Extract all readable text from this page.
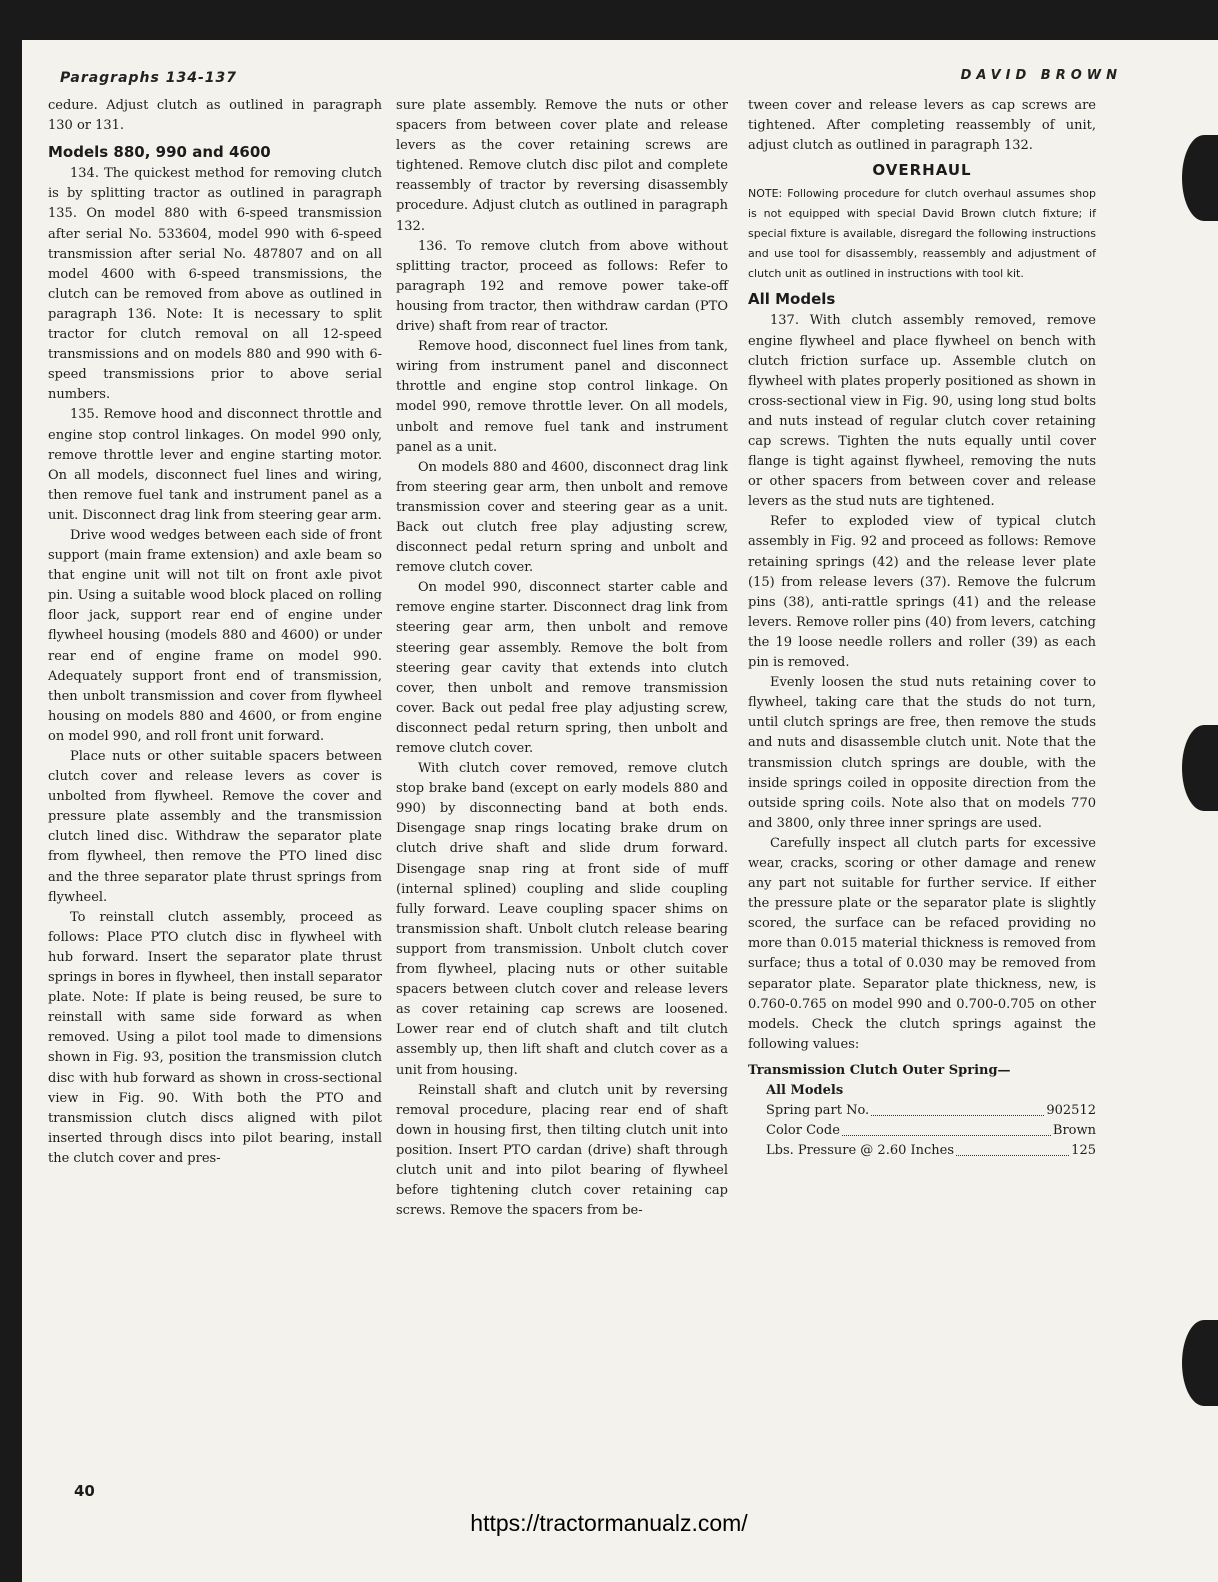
Paragraphs 134-137	DAVID BROWN

cedure. Adjust clutch as outlined in paragraph 130 or 131.

Models 880, 990 and 4600

134. The quickest method for removing clutch is by splitting tractor as outlined in paragraph 135. On model 880 with 6-speed transmission after serial No. 533604, model 990 with 6-speed transmission after serial No. 487807 and on all model 4600 with 6-speed transmissions, the clutch can be removed from above as outlined in paragraph 136. Note: It is necessary to split tractor for clutch removal on all 12-speed transmissions and on models 880 and 990 with 6-speed transmissions prior to above serial numbers.

135. Remove hood and disconnect throttle and engine stop control linkages. On model 990 only, remove throttle lever and engine starting motor. On all models, disconnect fuel lines and wiring, then remove fuel tank and instrument panel as a unit. Disconnect drag link from steering gear arm.

Drive wood wedges between each side of front support (main frame extension) and axle beam so that engine unit will not tilt on front axle pivot pin. Using a suitable wood block placed on rolling floor jack, support rear end of engine under flywheel housing (models 880 and 4600) or under rear end of engine frame on model 990. Adequately support front end of transmission, then unbolt transmission and cover from flywheel housing on models 880 and 4600, or from engine on model 990, and roll front unit forward.

Place nuts or other suitable spacers between clutch cover and release levers as cover is unbolted from flywheel. Remove the cover and pressure plate assembly and the transmission clutch lined disc. Withdraw the separator plate from flywheel, then remove the PTO lined disc and the three separator plate thrust springs from flywheel.

To reinstall clutch assembly, proceed as follows: Place PTO clutch disc in flywheel with hub forward. Insert the separator plate thrust springs in bores in flywheel, then install separator plate. Note: If plate is being reused, be sure to reinstall with same side forward as when removed. Using a pilot tool made to dimensions shown in Fig. 93, position the transmission clutch disc with hub forward as shown in cross-sectional view in Fig. 90. With both the PTO and transmission clutch discs aligned with pilot inserted through discs into pilot bearing, install the clutch cover and pres-

sure plate assembly. Remove the nuts or other spacers from between cover plate and release levers as the cover retaining screws are tightened. Remove clutch disc pilot and complete reassembly of tractor by reversing disassembly procedure. Adjust clutch as outlined in paragraph 132.

136. To remove clutch from above without splitting tractor, proceed as follows: Refer to paragraph 192 and remove power take-off housing from tractor, then withdraw cardan (PTO drive) shaft from rear of tractor.

Remove hood, disconnect fuel lines from tank, wiring from instrument panel and disconnect throttle and engine stop control linkage. On model 990, remove throttle lever. On all models, unbolt and remove fuel tank and instrument panel as a unit.

On models 880 and 4600, disconnect drag link from steering gear arm, then unbolt and remove transmission cover and steering gear as a unit. Back out clutch free play adjusting screw, disconnect pedal return spring and unbolt and remove clutch cover.

On model 990, disconnect starter cable and remove engine starter. Disconnect drag link from steering gear arm, then unbolt and remove steering gear assembly. Remove the bolt from steering gear cavity that extends into clutch cover, then unbolt and remove transmission cover. Back out pedal free play adjusting screw, disconnect pedal return spring, then unbolt and remove clutch cover.

With clutch cover removed, remove clutch stop brake band (except on early models 880 and 990) by disconnecting band at both ends. Disengage snap rings locating brake drum on clutch drive shaft and slide drum forward. Disengage snap ring at front side of muff (internal splined) coupling and slide coupling fully forward. Leave coupling spacer shims on transmission shaft. Unbolt clutch release bearing support from transmission. Unbolt clutch cover from flywheel, placing nuts or other suitable spacers between clutch cover and release levers as cover retaining cap screws are loosened. Lower rear end of clutch shaft and tilt clutch assembly up, then lift shaft and clutch cover as a unit from housing.

Reinstall shaft and clutch unit by reversing removal procedure, placing rear end of shaft down in housing first, then tilting clutch unit into position. Insert PTO cardan (drive) shaft through clutch unit and into pilot bearing of flywheel before tightening clutch cover retaining cap screws. Remove the spacers from be-

tween cover and release levers as cap screws are tightened. After completing reassembly of unit, adjust clutch as outlined in paragraph 132.

OVERHAUL

NOTE: Following procedure for clutch overhaul assumes shop is not equipped with special David Brown clutch fixture; if special fixture is available, disregard the following instructions and use tool for disassembly, reassembly and adjustment of clutch unit as outlined in instructions with tool kit.

All Models

137. With clutch assembly removed, remove engine flywheel and place flywheel on bench with clutch friction surface up. Assemble clutch on flywheel with plates properly positioned as shown in cross-sectional view in Fig. 90, using long stud bolts and nuts instead of regular clutch cover retaining cap screws. Tighten the nuts equally until cover flange is tight against flywheel, removing the nuts or other spacers from between cover and release levers as the stud nuts are tightened.

Refer to exploded view of typical clutch assembly in Fig. 92 and proceed as follows: Remove retaining springs (42) and the release lever plate (15) from release levers (37). Remove the fulcrum pins (38), anti-rattle springs (41) and the release levers. Remove roller pins (40) from levers, catching the 19 loose needle rollers and roller (39) as each pin is removed.

Evenly loosen the stud nuts retaining cover to flywheel, taking care that the studs do not turn, until clutch springs are free, then remove the studs and nuts and disassemble clutch unit. Note that the transmission clutch springs are double, with the inside springs coiled in opposite direction from the outside spring coils. Note also that on models 770 and 3800, only three inner springs are used.

Carefully inspect all clutch parts for excessive wear, cracks, scoring or other damage and renew any part not suitable for further service. If either the pressure plate or the separator plate is slightly scored, the surface can be refaced providing no more than 0.015 material thickness is removed from surface; thus a total of 0.030 may be removed from separator plate. Separator plate thickness, new, is 0.760-0.765 on model 990 and 0.700-0.705 on other models. Check the clutch springs against the following values:

Transmission Clutch Outer Spring—
All Models
Spring part No.	902512
Color Code	Brown
Lbs. Pressure @ 2.60 Inches	125
40
https://tractormanualz.com/
